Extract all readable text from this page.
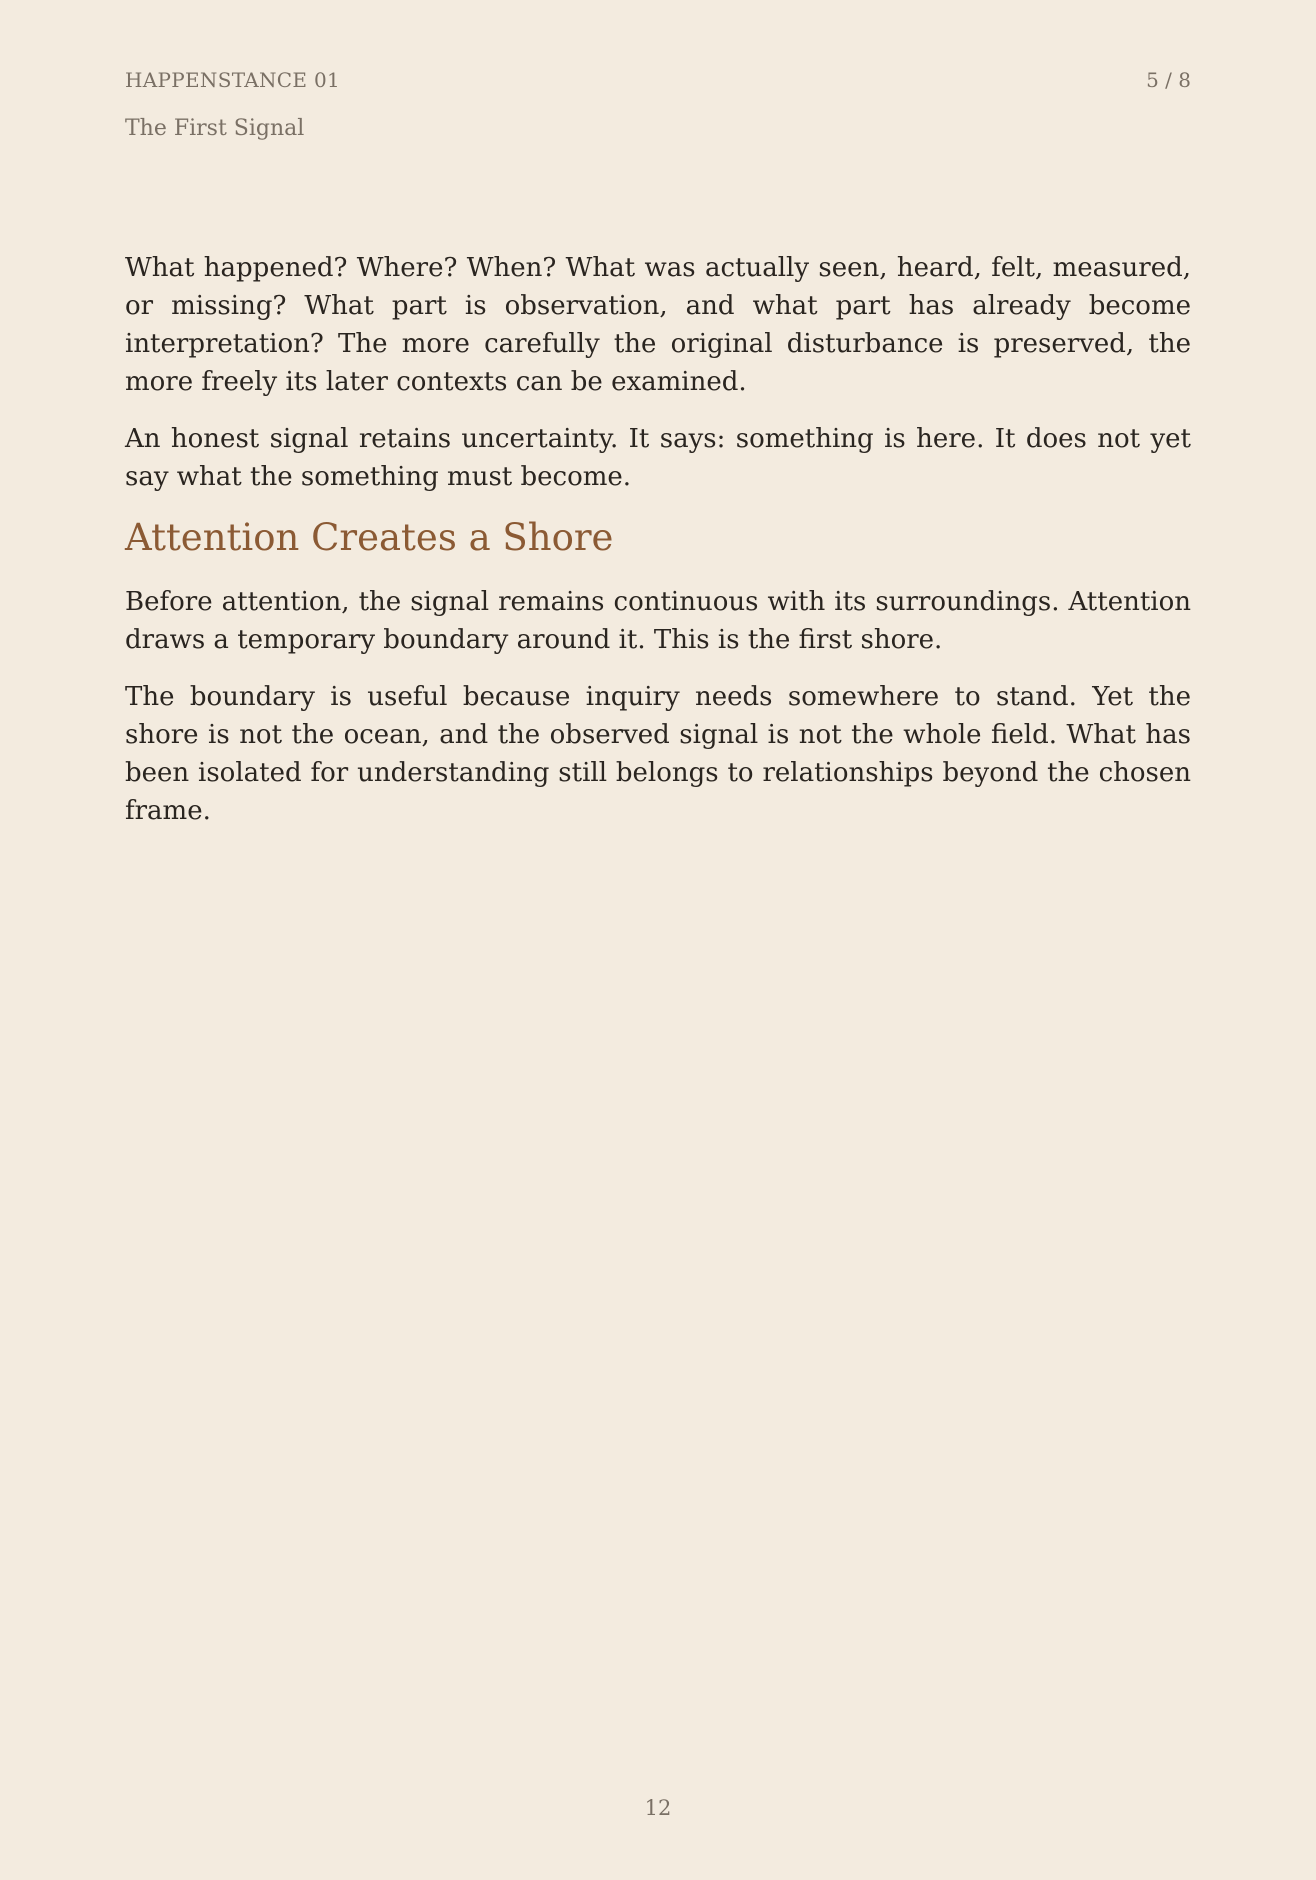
HAPPENSTANCE 01	5 / 8
The First Signal

What happened? Where? When? What was actually seen, heard, felt, measured, or missing? What part is observation, and what part has already become interpretation? The more carefully the original disturbance is preserved, the more freely its later contexts can be examined.

An honest signal retains uncertainty. It says: something is here. It does not yet say what the something must become.

Attention Creates a Shore

Before attention, the signal remains continuous with its surroundings. Attention draws a temporary boundary around it. This is the first shore.

The boundary is useful because inquiry needs somewhere to stand. Yet the shore is not the ocean, and the observed signal is not the whole field. What has been isolated for understanding still belongs to relationships beyond the chosen frame.

12
